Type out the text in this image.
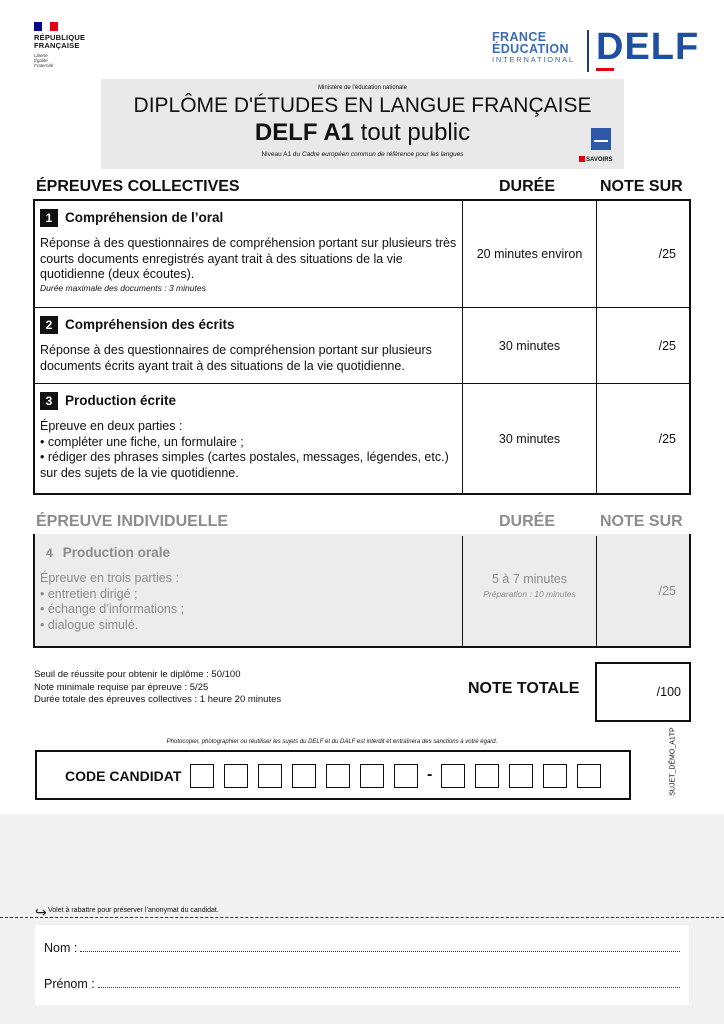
RÉPUBLIQUE
FRANÇAISE
Liberté
Égalité
Fraternité
FRANCE
ÉDUCATION
INTERNATIONAL DELF
Ministère de l'éducation nationale
DIPLÔME D'ÉTUDES EN LANGUE FRANÇAISE
DELF A1 tout public
Niveau A1 du Cadre européen commun de référence pour les langues
SAVOIRS
ÉPREUVES COLLECTIVES	DURÉE	NOTE SUR
1 Compréhension de l’oral
Réponse à des questionnaires de compréhension portant sur plusieurs très courts documents enregistrés ayant trait à des situations de la vie quotidienne (deux écoutes).
Durée maximale des documents : 3 minutes
20 minutes environ	/25
2 Compréhension des écrits
Réponse à des questionnaires de compréhension portant sur plusieurs documents écrits ayant trait à des situations de la vie quotidienne.
30 minutes	/25
3 Production écrite
Épreuve en deux parties :
• compléter une fiche, un formulaire ;
• rédiger des phrases simples (cartes postales, messages, légendes, etc.) sur des sujets de la vie quotidienne.
30 minutes	/25
ÉPREUVE INDIVIDUELLE	DURÉE	NOTE SUR
4 Production orale
Épreuve en trois parties :
• entretien dirigé ;
• échange d’informations ;
• dialogue simulé.
5 à 7 minutes
Préparation : 10 minutes	/25
Seuil de réussite pour obtenir le diplôme : 50/100
Note minimale requise par épreuve : 5/25
Durée totale des épreuves collectives : 1 heure 20 minutes
NOTE TOTALE	/100
Photocopier, photographier ou réutiliser les sujets du DELF et du DALF est interdit et entraînera des sanctions à votre égard.	SUJET_DÉMO_A1TP
CODE CANDIDAT	-
↪ Volet à rabattre pour préserver l’anonymat du candidat.
Nom :
Prénom :
